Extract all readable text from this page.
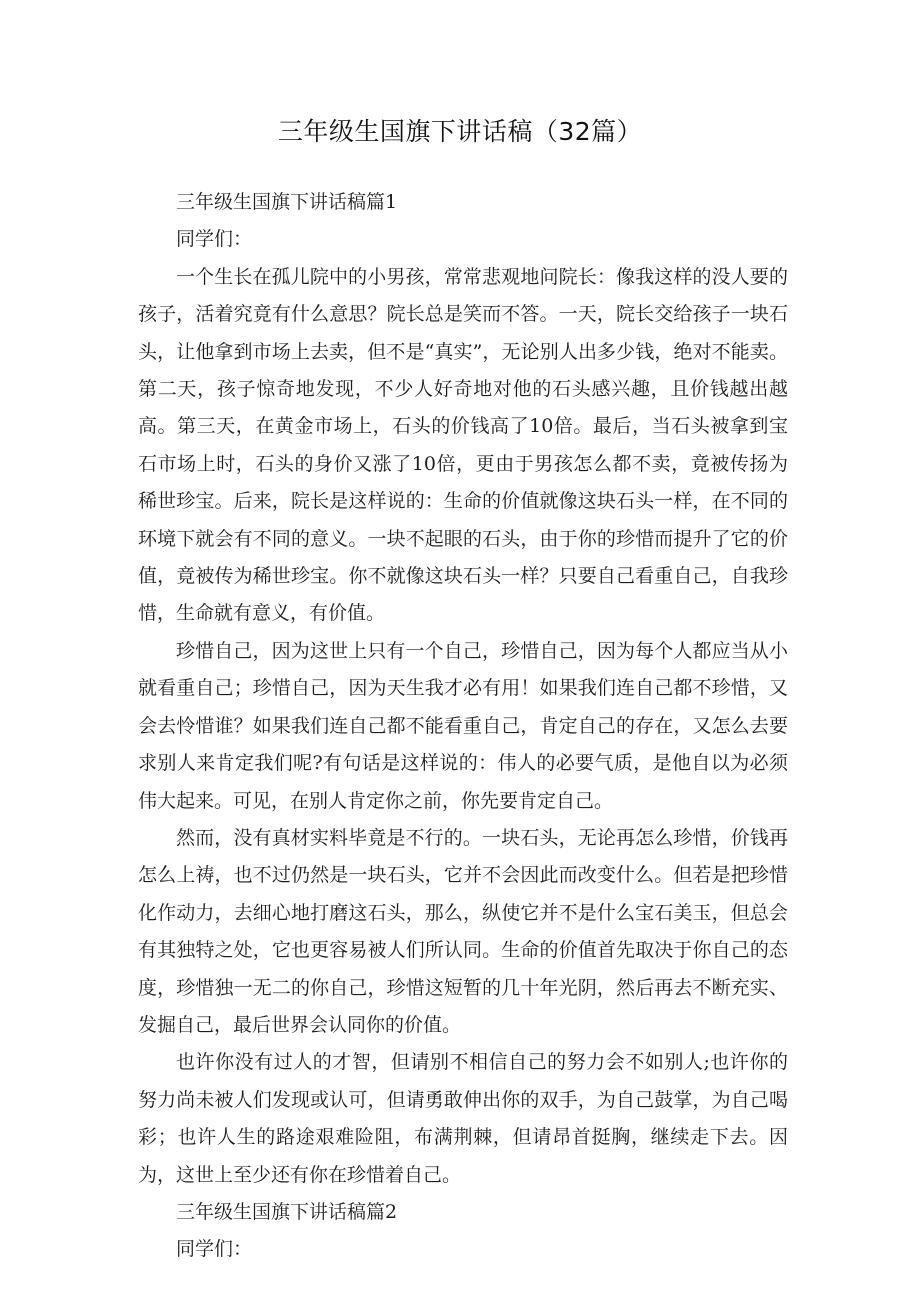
三年级生国旗下讲话稿（32篇）

三年级生国旗下讲话稿篇1

同学们：

一个生长在孤儿院中的小男孩，常常悲观地问院长：像我这样的没人要的孩子，活着究竟有什么意思？院长总是笑而不答。一天，院长交给孩子一块石头，让他拿到市场上去卖，但不是“真实”，无论别人出多少钱，绝对不能卖。第二天，孩子惊奇地发现，不少人好奇地对他的石头感兴趣，且价钱越出越高。第三天，在黄金市场上，石头的价钱高了10倍。最后，当石头被拿到宝石市场上时，石头的身价又涨了10倍，更由于男孩怎么都不卖，竟被传扬为稀世珍宝。后来，院长是这样说的：生命的价值就像这块石头一样，在不同的环境下就会有不同的意义。一块不起眼的石头，由于你的珍惜而提升了它的价值，竟被传为稀世珍宝。你不就像这块石头一样？只要自己看重自己，自我珍惜，生命就有意义，有价值。

珍惜自己，因为这世上只有一个自己，珍惜自己，因为每个人都应当从小就看重自己；珍惜自己，因为天生我才必有用！如果我们连自己都不珍惜，又会去怜惜谁？如果我们连自己都不能看重自己，肯定自己的存在，又怎么去要求别人来肯定我们呢?有句话是这样说的：伟人的必要气质，是他自以为必须伟大起来。可见，在别人肯定你之前，你先要肯定自己。

然而，没有真材实料毕竟是不行的。一块石头，无论再怎么珍惜，价钱再怎么上祷，也不过仍然是一块石头，它并不会因此而改变什么。但若是把珍惜化作动力，去细心地打磨这石头，那么，纵使它并不是什么宝石美玉，但总会有其独特之处，它也更容易被人们所认同。生命的价值首先取决于你自己的态度，珍惜独一无二的你自己，珍惜这短暂的几十年光阴，然后再去不断充实、发掘自己，最后世界会认同你的价值。

也许你没有过人的才智，但请别不相信自己的努力会不如别人;也许你的努力尚未被人们发现或认可，但请勇敢伸出你的双手，为自己鼓掌，为自己喝彩；也许人生的路途艰难险阻，布满荆棘，但请昂首挺胸，继续走下去。因为，这世上至少还有你在珍惜着自己。

三年级生国旗下讲话稿篇2

同学们：
